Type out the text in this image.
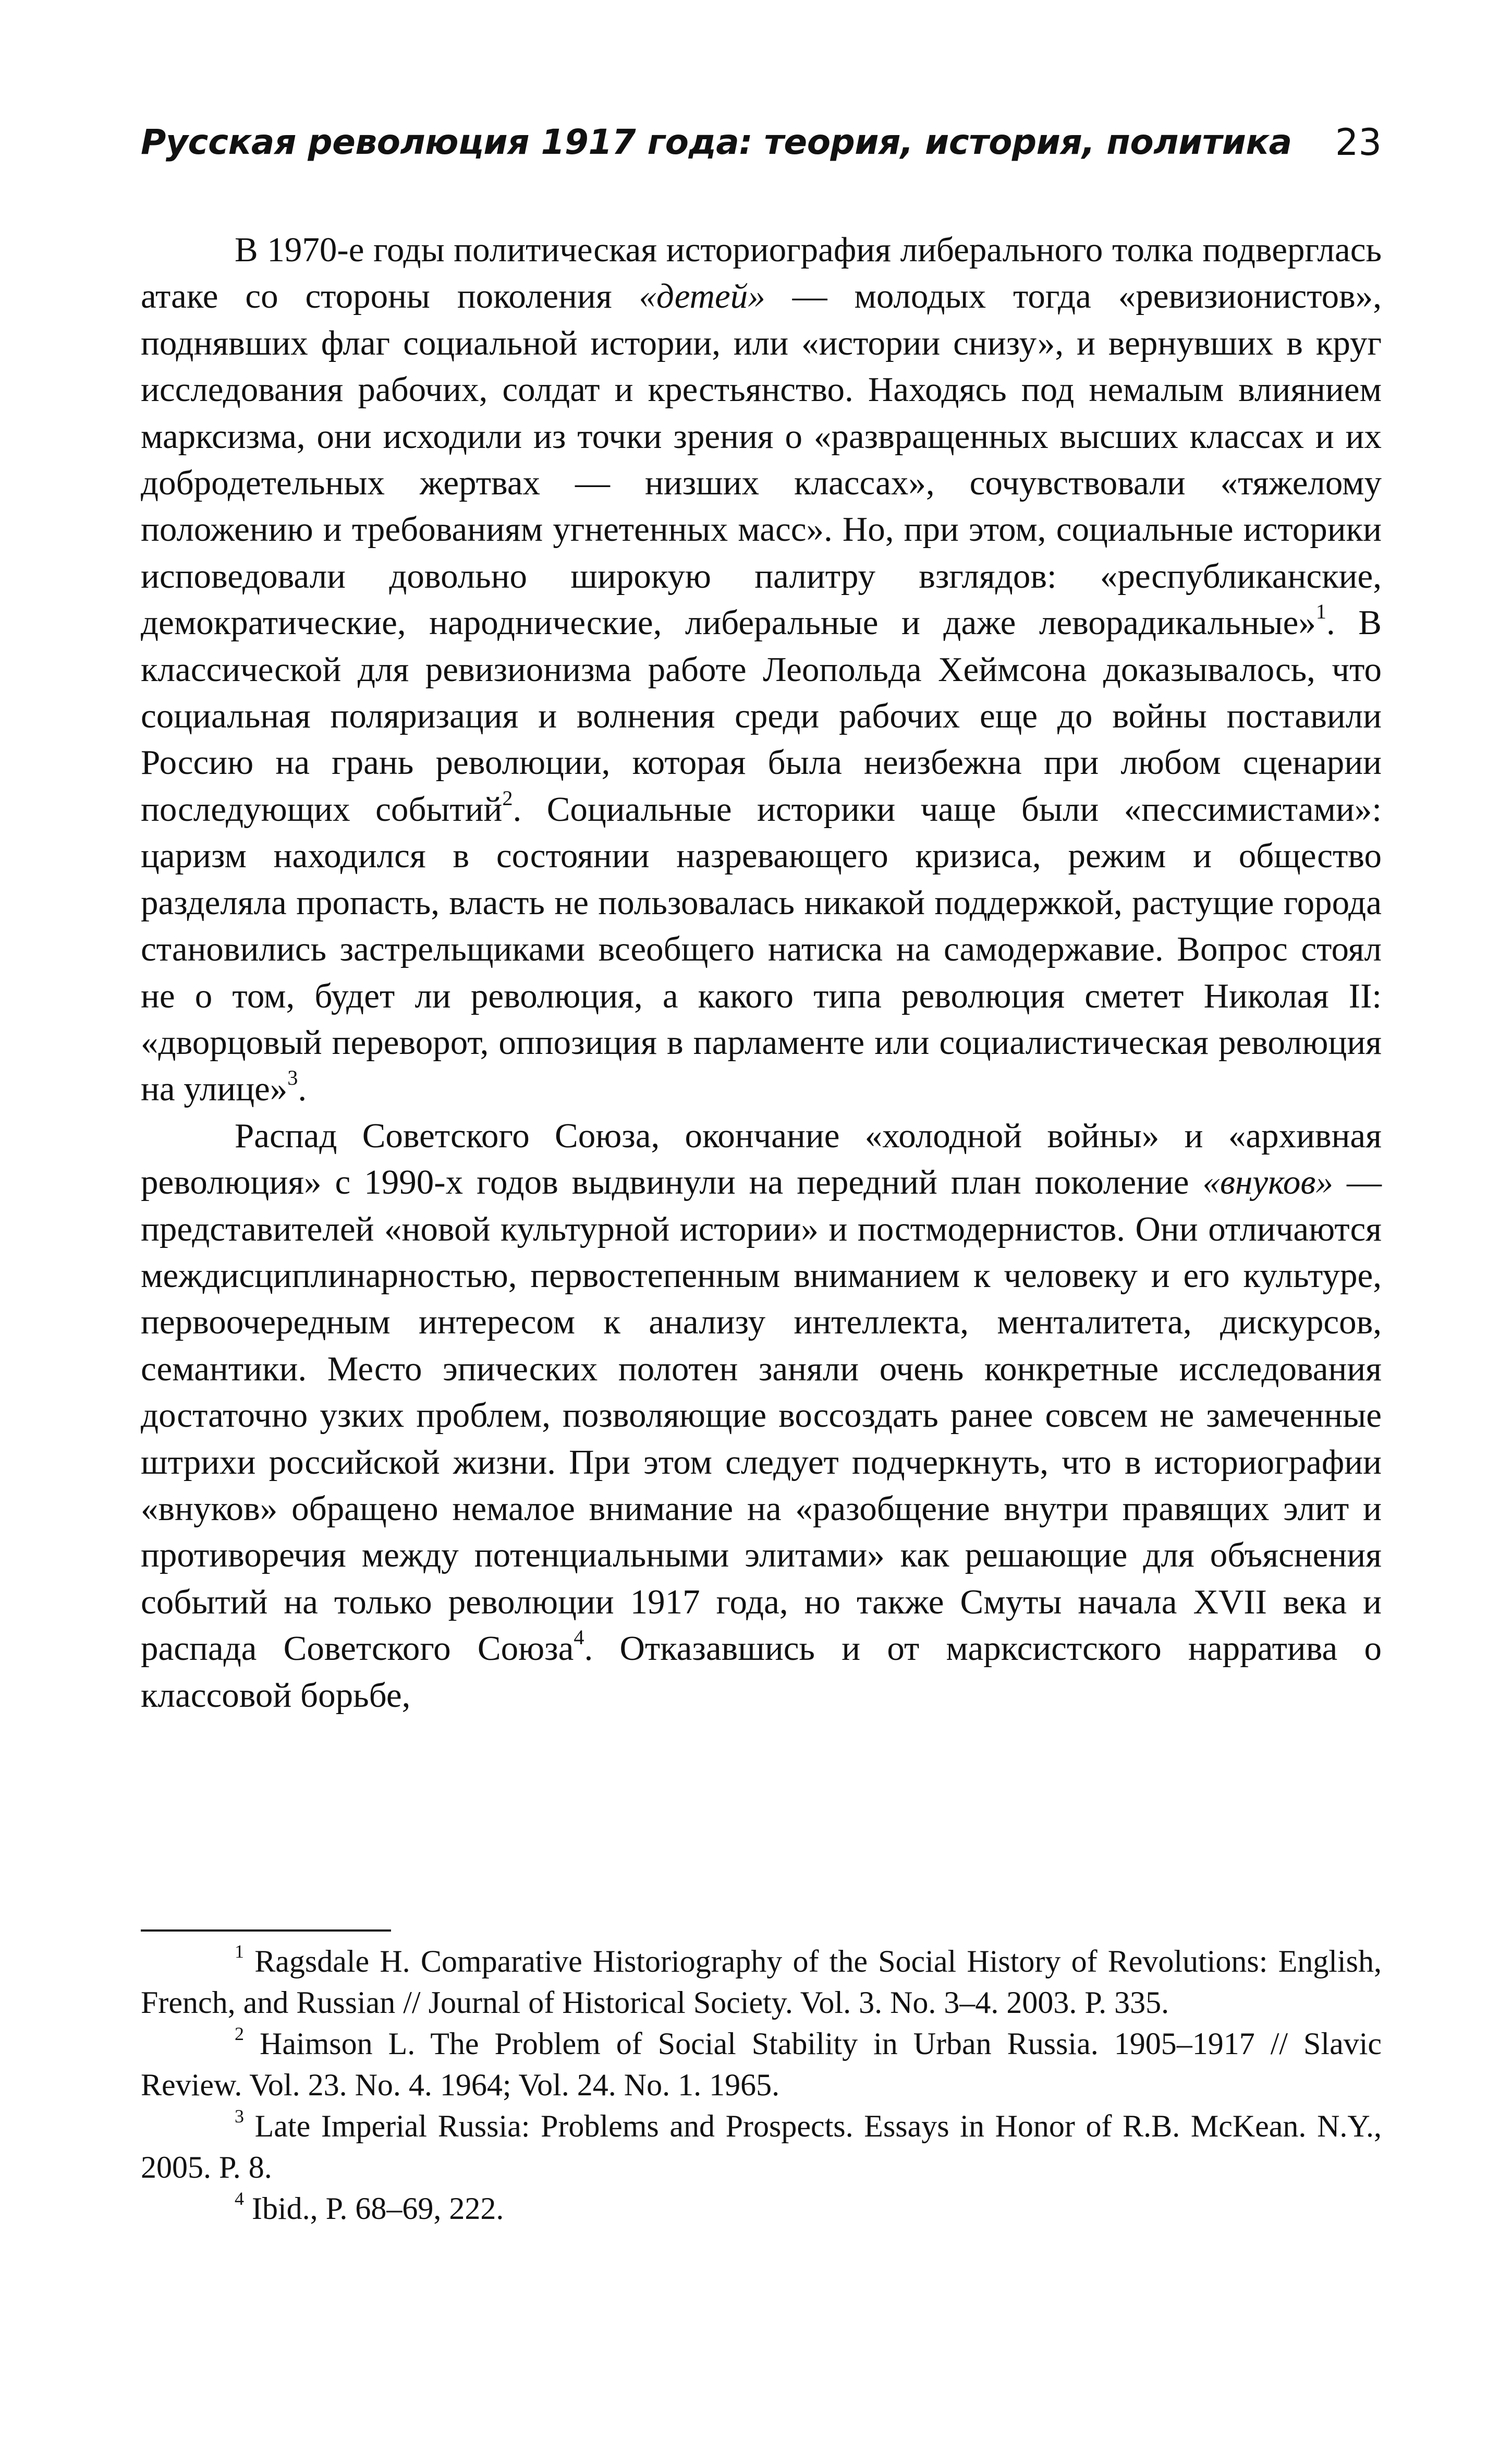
Русская революция 1917 года: теория, история, политика 23

В 1970-е годы политическая историография либерального толка подверглась атаке со стороны поколения «детей» — молодых тогда «ревизионистов», поднявших флаг социальной истории, или «истории снизу», и вернувших в круг исследования рабочих, солдат и крестьянство. Находясь под немалым влиянием марксизма, они исходили из точки зрения о «развращенных высших классах и их добродетельных жертвах — низших классах», сочувствовали «тяжелому положению и требованиям угнетенных масс». Но, при этом, социальные историки исповедовали довольно широкую палитру взглядов: «республиканские, демократические, народнические, либеральные и даже леворадикальные»$^1$. В классической для ревизионизма работе Леопольда Хеймсона доказывалось, что социальная поляризация и волнения среди рабочих еще до войны поставили Россию на грань революции, которая была неизбежна при любом сценарии последующих событий$^2$. Социальные историки чаще были «пессимистами»: царизм находился в состоянии назревающего кризиса, режим и общество разделяла пропасть, власть не пользовалась никакой поддержкой, растущие города становились застрельщиками всеобщего натиска на самодержавие. Вопрос стоял не о том, будет ли революция, а какого типа революция сметет Николая II: «дворцовый переворот, оппозиция в парламенте или социалистическая революция на улице»$^3$.

Распад Советского Союза, окончание «холодной войны» и «архивная революция» с 1990-х годов выдвинули на передний план поколение «внуков» — представителей «новой культурной истории» и постмодернистов. Они отличаются междисциплинарностью, первостепенным вниманием к человеку и его культуре, первоочередным интересом к анализу интеллекта, менталитета, дискурсов, семантики. Место эпических полотен заняли очень конкретные исследования достаточно узких проблем, позволяющие воссоздать ранее совсем не замеченные штрихи российской жизни. При этом следует подчеркнуть, что в историографии «внуков» обращено немалое внимание на «разобщение внутри правящих элит и противоречия между потенциальными элитами» как решающие для объяснения событий на только революции 1917 года, но также Смуты начала XVII века и распада Советского Союза$^4$. Отказавшись и от марксистского нарратива о классовой борьбе,

$^1$ Ragsdale H. Comparative Historiography of the Social History of Revolutions: English, French, and Russian // Journal of Historical Society. Vol. 3. No. 3–4. 2003. P. 335.

$^2$ Haimson L. The Problem of Social Stability in Urban Russia. 1905–1917 // Slavic Review. Vol. 23. No. 4. 1964; Vol. 24. No. 1. 1965.

$^3$ Late Imperial Russia: Problems and Prospects. Essays in Honor of R.B. McKean. N.Y., 2005. P. 8.

$^4$ Ibid., P. 68–69, 222.
